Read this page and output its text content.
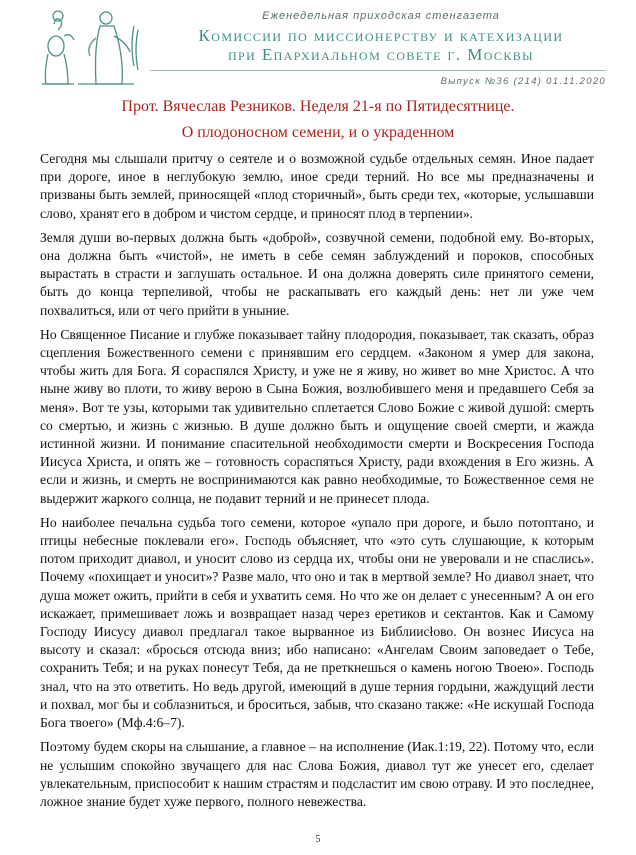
Еженедельная приходская стенгазета
Комиссии по миссионерству и катехизации
при Епархиальном совете г. Москвы
Выпуск №36 (214) 01.11.2020
Прот. Вячеслав Резников. Неделя 21-я по Пятидесятнице.
О плодоносном семени, и о украденном

Сегодня мы слышали притчу о сеятеле и о возможной судьбе отдельных семян. Иное падает при дороге, иное в неглубокую землю, иное среди терний. Но все мы предназначены и призваны быть землей, приносящей «плод сторичный», быть среди тех, «которые, услышавши слово, хранят его в добром и чистом сердце, и приносят плод в терпении».

Земля души во-первых должна быть «доброй», созвучной семени, подобной ему. Во-вторых, она должна быть «чистой», не иметь в себе семян заблуждений и пороков, способных вырастать в страсти и заглушать остальное. И она должна доверять силе принятого семени, быть до конца терпеливой, чтобы не раскапывать его каждый день: нет ли уже чем похвалиться, или от чего прийти в уныние.

Но Священное Писание и глубже показывает тайну плодородия, показывает, так сказать, образ сцепления Божественного семени с принявшим его сердцем. «Законом я умер для закона, чтобы жить для Бога. Я сораспялся Христу, и уже не я живу, но живет во мне Христос. А что ныне живу во плоти, то живу верою в Сына Божия, возлюбившего меня и предавшего Себя за меня». Вот те узы, которыми так удивительно сплетается Слово Божие с живой душой: смерть со смертью, и жизнь с жизнью. В душе должно быть и ощущение своей смерти, и жажда истинной жизни. И понимание спасительной необходимости смерти и Воскресения Господа Иисуса Христа, и опять же – готовность сораспяться Христу, ради вхождения в Его жизнь. А если и жизнь, и смерть не воспринимаются как равно необходимые, то Божественное семя не выдержит жаркого солнца, не подавит терний и не принесет плода.

Но наиболее печальна судьба того семени, которое «упало при дороге, и было потоптано, и птицы небесные поклевали его». Господь объясняет, что «это суть слушающие, к которым потом приходит диавол, и уносит слово из сердца их, чтобы они не уверовали и не спаслись». Почему «похищает и уносит»? Разве мало, что оно и так в мертвой земле? Но диавол знает, что душа может ожить, прийти в себя и ухватить семя. Но что же он делает с унесенным? А он его искажает, примешивает ложь и возвращает назад через еретиков и сектантов. Как и Самому Господу Иисусу диавол предлагал такое вырванное из Библиисłово. Он вознес Иисуса на высоту и сказал: «бросься отсюда вниз; ибо написано: «Ангелам Своим заповедает о Тебе, сохранить Тебя; и на руках понесут Тебя, да не преткнешься о камень ногою Твоею». Господь знал, что на это ответить. Но ведь другой, имеющий в душе терния гордыни, жаждущий лести и похвал, мог бы и соблазниться, и броситься, забыв, что сказано также: «Не искушай Господа Бога твоего» (Мф.4:6–7).

Поэтому будем скоры на слышание, а главное – на исполнение (Иак.1:19, 22). Потому что, если не услышим спокойно звучащего для нас Слова Божия, диавол тут же унесет его, сделает увлекательным, приспособит к нашим страстям и подсластит им свою отраву. И это последнее, ложное знание будет хуже первого, полного невежества.

5
